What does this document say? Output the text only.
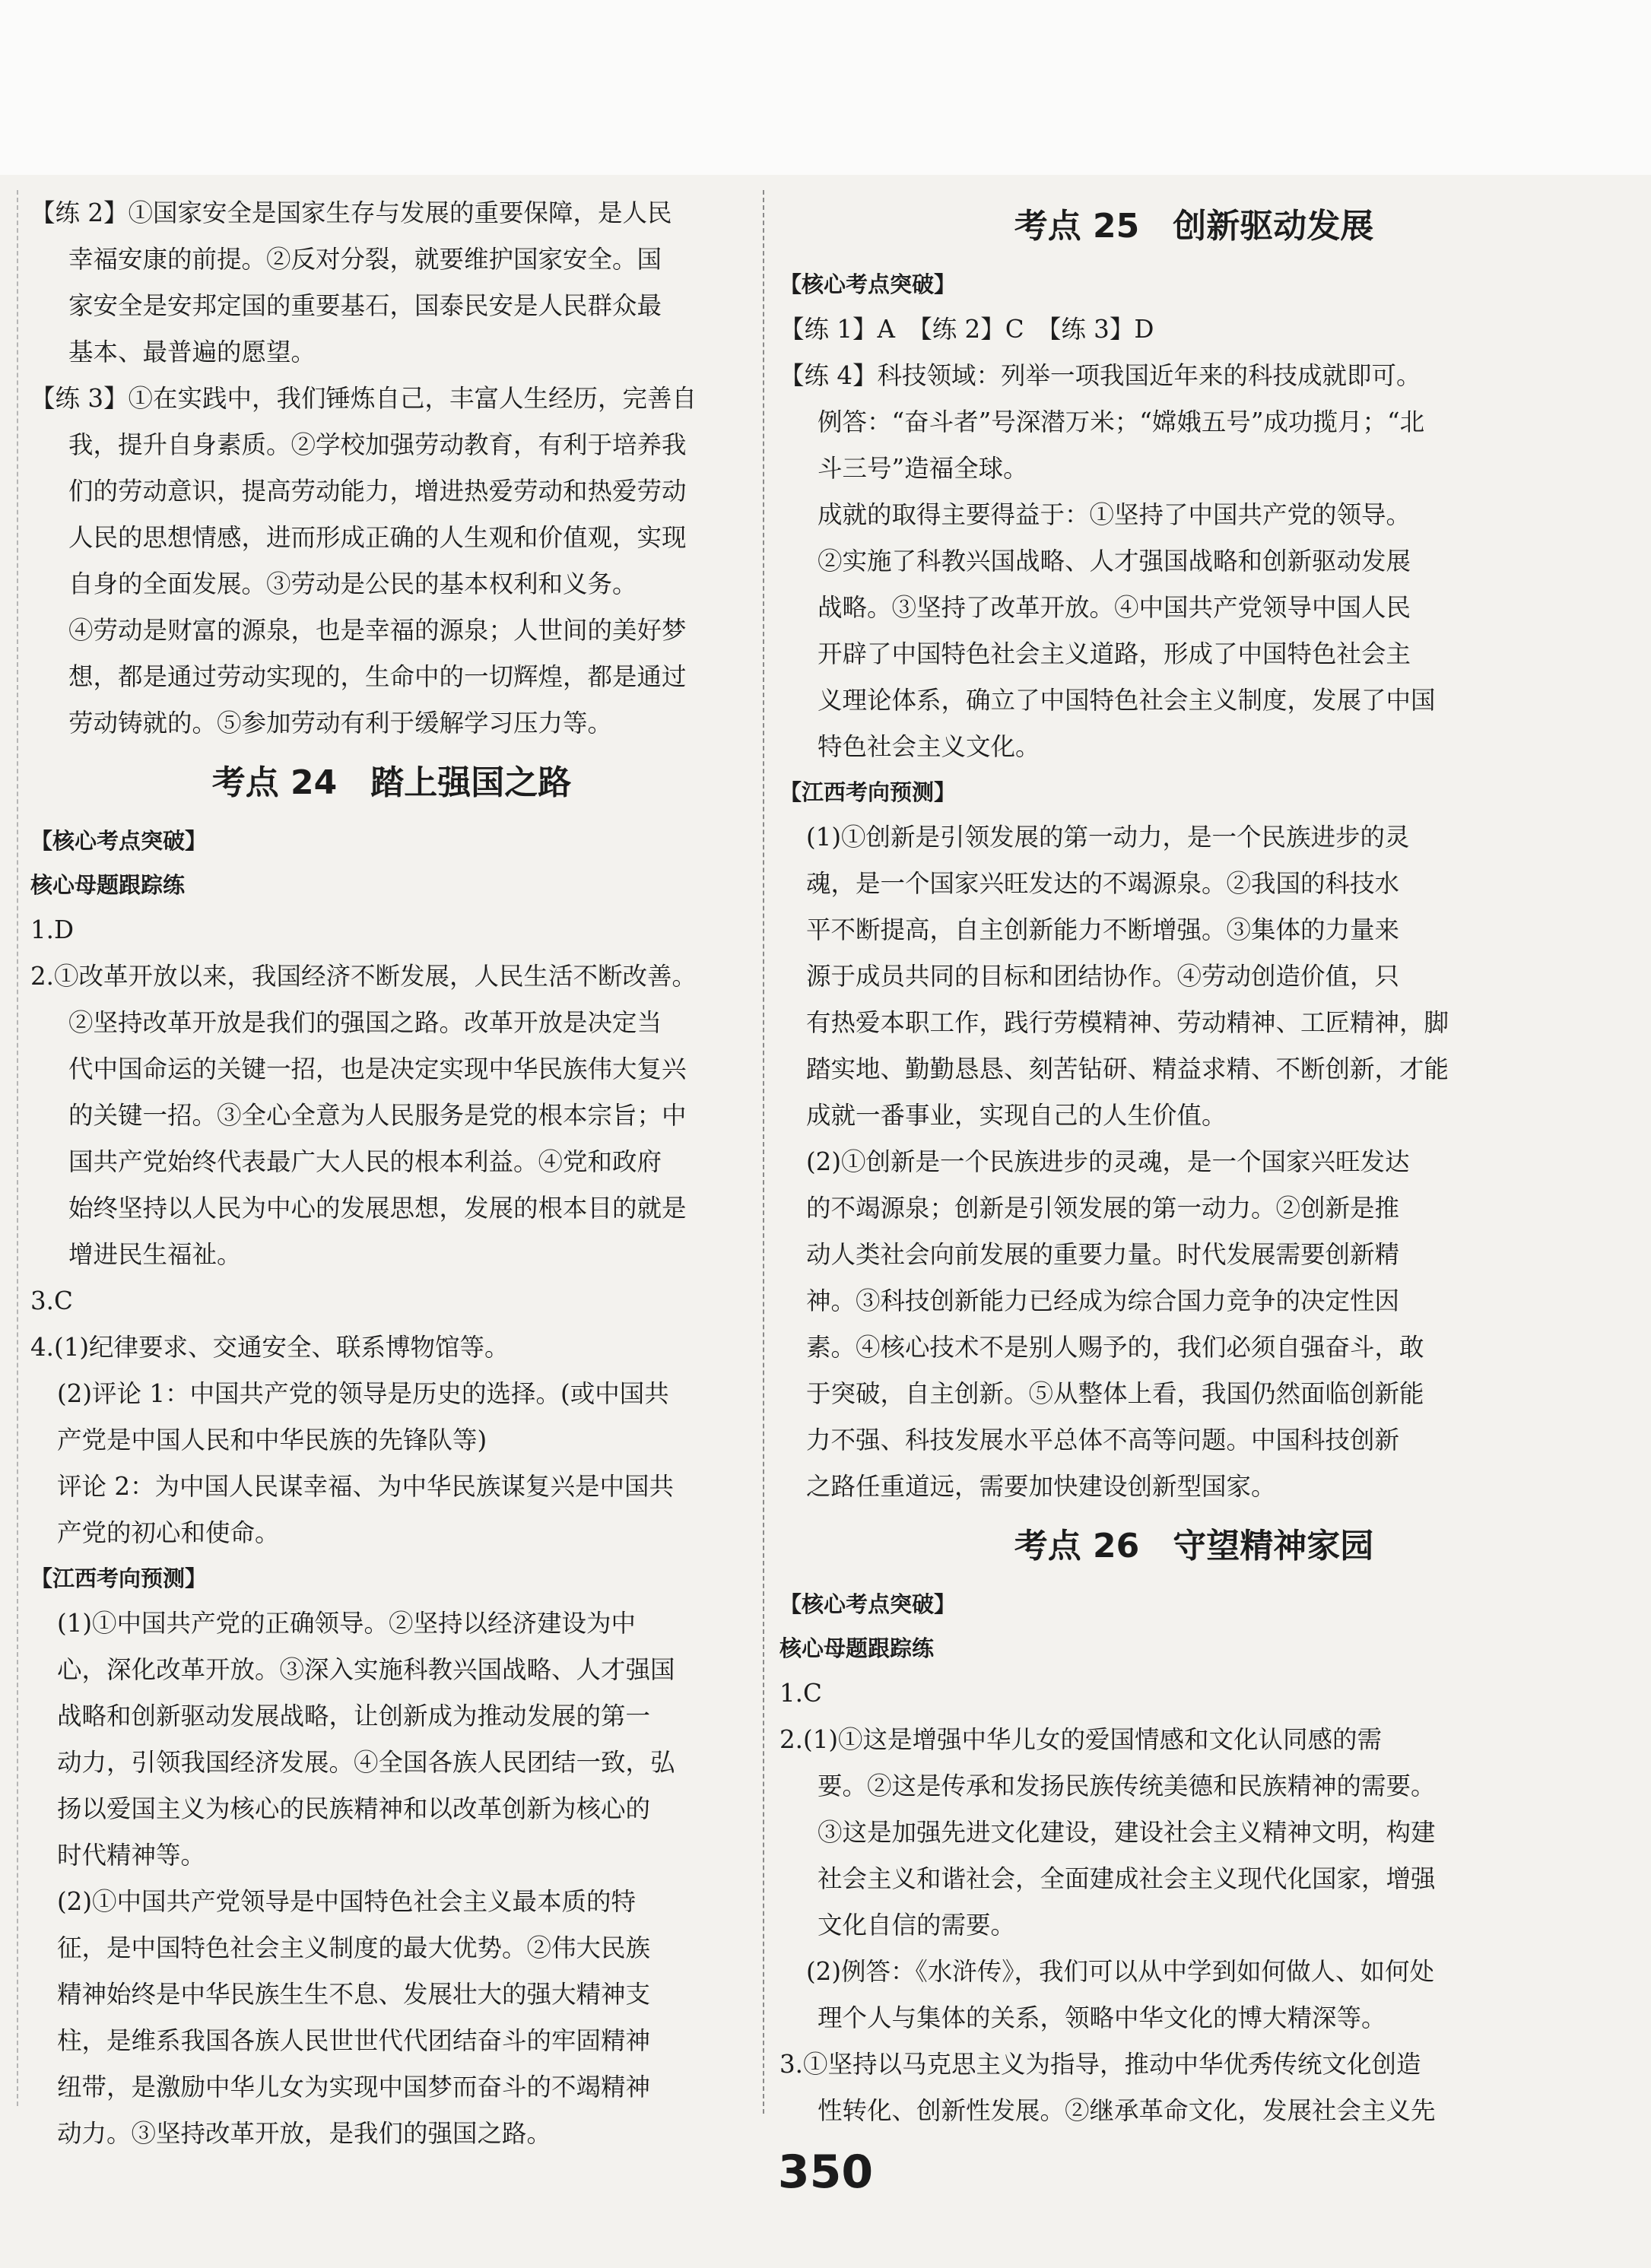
【练 2】①国家安全是国家生存与发展的重要保障，是人民

幸福安康的前提。②反对分裂，就要维护国家安全。国

家安全是安邦定国的重要基石，国泰民安是人民群众最

基本、最普遍的愿望。

【练 3】①在实践中，我们锤炼自己，丰富人生经历，完善自

我，提升自身素质。②学校加强劳动教育，有利于培养我

们的劳动意识，提高劳动能力，增进热爱劳动和热爱劳动

人民的思想情感，进而形成正确的人生观和价值观，实现

自身的全面发展。③劳动是公民的基本权利和义务。

④劳动是财富的源泉，也是幸福的源泉；人世间的美好梦

想，都是通过劳动实现的，生命中的一切辉煌，都是通过

劳动铸就的。⑤参加劳动有利于缓解学习压力等。

考点 24　踏上强国之路

【核心考点突破】

核心母题跟踪练

1.D

2.①改革开放以来，我国经济不断发展，人民生活不断改善。

②坚持改革开放是我们的强国之路。改革开放是决定当

代中国命运的关键一招，也是决定实现中华民族伟大复兴

的关键一招。③全心全意为人民服务是党的根本宗旨；中

国共产党始终代表最广大人民的根本利益。④党和政府

始终坚持以人民为中心的发展思想，发展的根本目的就是

增进民生福祉。

3.C

4.(1)纪律要求、交通安全、联系博物馆等。

(2)评论 1：中国共产党的领导是历史的选择。(或中国共

产党是中国人民和中华民族的先锋队等)

评论 2：为中国人民谋幸福、为中华民族谋复兴是中国共

产党的初心和使命。

【江西考向预测】

(1)①中国共产党的正确领导。②坚持以经济建设为中

心，深化改革开放。③深入实施科教兴国战略、人才强国

战略和创新驱动发展战略，让创新成为推动发展的第一

动力，引领我国经济发展。④全国各族人民团结一致，弘

扬以爱国主义为核心的民族精神和以改革创新为核心的

时代精神等。

(2)①中国共产党领导是中国特色社会主义最本质的特

征，是中国特色社会主义制度的最大优势。②伟大民族

精神始终是中华民族生生不息、发展壮大的强大精神支

柱，是维系我国各族人民世世代代团结奋斗的牢固精神

纽带，是激励中华儿女为实现中国梦而奋斗的不竭精神

动力。③坚持改革开放，是我们的强国之路。

考点 25　创新驱动发展

【核心考点突破】

【练 1】A　【练 2】C　【练 3】D

【练 4】科技领域：列举一项我国近年来的科技成就即可。

例答：“奋斗者”号深潜万米；“嫦娥五号”成功揽月；“北

斗三号”造福全球。

成就的取得主要得益于：①坚持了中国共产党的领导。

②实施了科教兴国战略、人才强国战略和创新驱动发展

战略。③坚持了改革开放。④中国共产党领导中国人民

开辟了中国特色社会主义道路，形成了中国特色社会主

义理论体系，确立了中国特色社会主义制度，发展了中国

特色社会主义文化。

【江西考向预测】

(1)①创新是引领发展的第一动力，是一个民族进步的灵

魂，是一个国家兴旺发达的不竭源泉。②我国的科技水

平不断提高，自主创新能力不断增强。③集体的力量来

源于成员共同的目标和团结协作。④劳动创造价值，只

有热爱本职工作，践行劳模精神、劳动精神、工匠精神，脚

踏实地、勤勤恳恳、刻苦钻研、精益求精、不断创新，才能

成就一番事业，实现自己的人生价值。

(2)①创新是一个民族进步的灵魂，是一个国家兴旺发达

的不竭源泉；创新是引领发展的第一动力。②创新是推

动人类社会向前发展的重要力量。时代发展需要创新精

神。③科技创新能力已经成为综合国力竞争的决定性因

素。④核心技术不是别人赐予的，我们必须自强奋斗，敢

于突破，自主创新。⑤从整体上看，我国仍然面临创新能

力不强、科技发展水平总体不高等问题。中国科技创新

之路任重道远，需要加快建设创新型国家。

考点 26　守望精神家园

【核心考点突破】

核心母题跟踪练

1.C

2.(1)①这是增强中华儿女的爱国情感和文化认同感的需

要。②这是传承和发扬民族传统美德和民族精神的需要。

③这是加强先进文化建设，建设社会主义精神文明，构建

社会主义和谐社会，全面建成社会主义现代化国家，增强

文化自信的需要。

(2)例答：《水浒传》，我们可以从中学到如何做人、如何处

理个人与集体的关系，领略中华文化的博大精深等。

3.①坚持以马克思主义为指导，推动中华优秀传统文化创造

性转化、创新性发展。②继承革命文化，发展社会主义先

350
